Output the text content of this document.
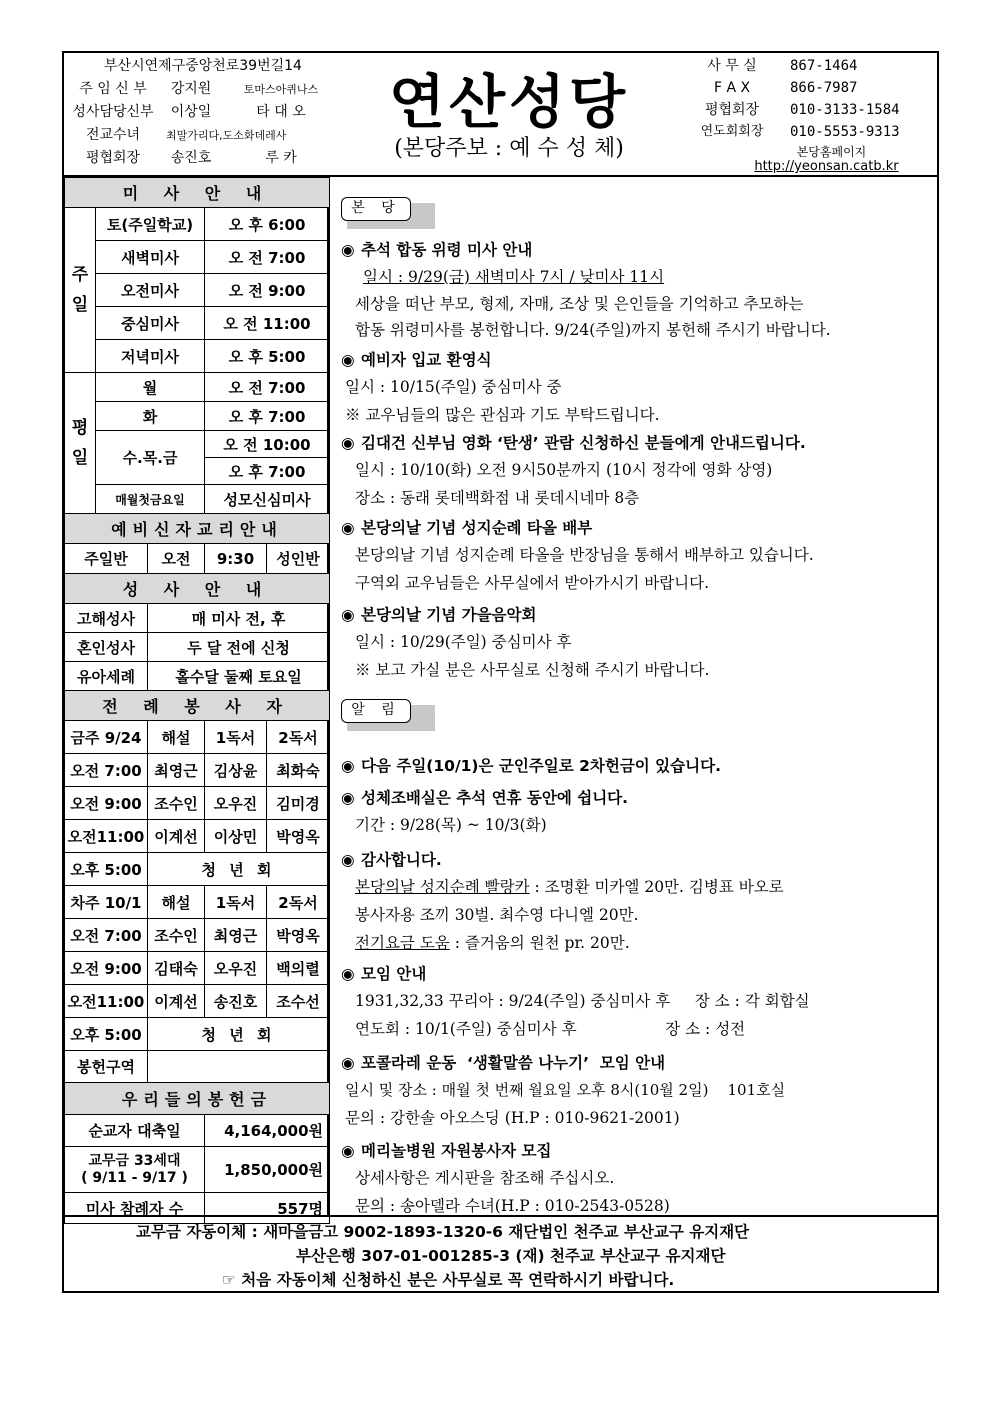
부산시연제구중앙천로39번길14
주 임 신 부	강지원	토마스아퀴나스
성사담당신부	이상일	타 대 오
전교수녀	최말가리다,도소화데레사
평협회장	송진호	루 카
연산성당
(본당주보 : 예 수 성 체)
사 무 실	867-1464
F A X	866-7987
평협회장	010-3133-1584
연도회회장	010-5553-9313
본당홈페이지
http://yeonsan.catb.kr
미 사 안 내				
주일	토(주일학교)		오 후 6:00	
	새벽미사		오 전 7:00	
	오전미사		오 전 9:00	
	중심미사		오 전 11:00	
	저녁미사		오 후 5:00	
평일	월		오 전 7:00	
	화		오 후 7:00	
	수.목.금		오 전 10:00	
			오 후 7:00	
	매월첫금요일		성모신심미사	
예비신자교리안내				
주일반		오전	9:30	성인반
성 사 안 내				
고해성사		매 미사 전, 후		
혼인성사		두 달 전에 신청		
유아세례		홀수달 둘째 토요일		
전 례 봉 사 자				
금주 9/24		해설	1독서	2독서
오전 7:00		최영근	김상윤	최화숙
오전 9:00		조수인	오우진	김미경
오전11:00		이계선	이상민	박영옥
오후 5:00		청 년 회		
차주 10/1		해설	1독서	2독서
오전 7:00		조수인	최영근	박영옥
오전 9:00		김태숙	오우진	백의렬
오전11:00		이계선	송진호	조수선
오후 5:00		청 년 회		
봉헌구역				
우리들의봉헌금				
순교자 대축일			4,164,000원	
교무금 33세대
( 9/11 - 9/17 )			1,850,000원	
미사 참례자 수			557명	
본 당
◉ 추석 합동 위령 미사 안내
일시 : 9/29(금) 새벽미사 7시 / 낮미사 11시
세상을 떠난 부모, 형제, 자매, 조상 및 은인들을 기억하고 추모하는
합동 위령미사를 봉헌합니다. 9/24(주일)까지 봉헌해 주시기 바랍니다.
◉ 예비자 입교 환영식
일시 : 10/15(주일) 중심미사 중
※ 교우님들의 많은 관심과 기도 부탁드립니다.
◉ 김대건 신부님 영화 ‘탄생’ 관람 신청하신 분들에게 안내드립니다.
일시 : 10/10(화) 오전 9시50분까지 (10시 정각에 영화 상영)
장소 : 동래 롯데백화점 내 롯데시네마 8층
◉ 본당의날 기념 성지순례 타올 배부
본당의날 기념 성지순례 타올을 반장님을 통해서 배부하고 있습니다.
구역외 교우님들은 사무실에서 받아가시기 바랍니다.
◉ 본당의날 기념 가을음악회
일시 : 10/29(주일) 중심미사 후
※ 보고 가실 분은 사무실로 신청해 주시기 바랍니다.
알 림
◉ 다음 주일(10/1)은 군인주일로 2차헌금이 있습니다.
◉ 성체조배실은 추석 연휴 동안에 쉽니다.
기간 : 9/28(목) ~ 10/3(화)
◉ 감사합니다.
본당의날 성지순례 빨랑카 : 조명환 미카엘 20만. 김병표 바오로
봉사자용 조끼 30벌. 최수영 다니엘 20만.
전기요금 도움 : 즐거움의 원천 pr. 20만.
◉ 모임 안내
1931,32,33 꾸리아 : 9/24(주일) 중심미사 후     장 소 : 각 회합실
연도회 : 10/1(주일) 중심미사 후                  장 소 : 성전
◉ 포콜라레 운동  ‘생활말씀 나누기’  모임 안내
일시 및 장소 : 매월 첫 번째 월요일 오후 8시(10월 2일)    101호실
문의 : 강한솔 아오스딩 (H.P : 010-9621-2001)
◉ 메리놀병원 자원봉사자 모집
상세사항은 게시판을 참조해 주십시오.
문의 : 송아델라 수녀(H.P : 010-2543-0528)
교무금 자동이체 : 새마을금고 9002-1893-1320-6 재단법인 천주교 부산교구 유지재단
부산은행 307-01-001285-3 (재) 천주교 부산교구 유지재단
☞ 처음 자동이체 신청하신 분은 사무실로 꼭 연락하시기 바랍니다.
